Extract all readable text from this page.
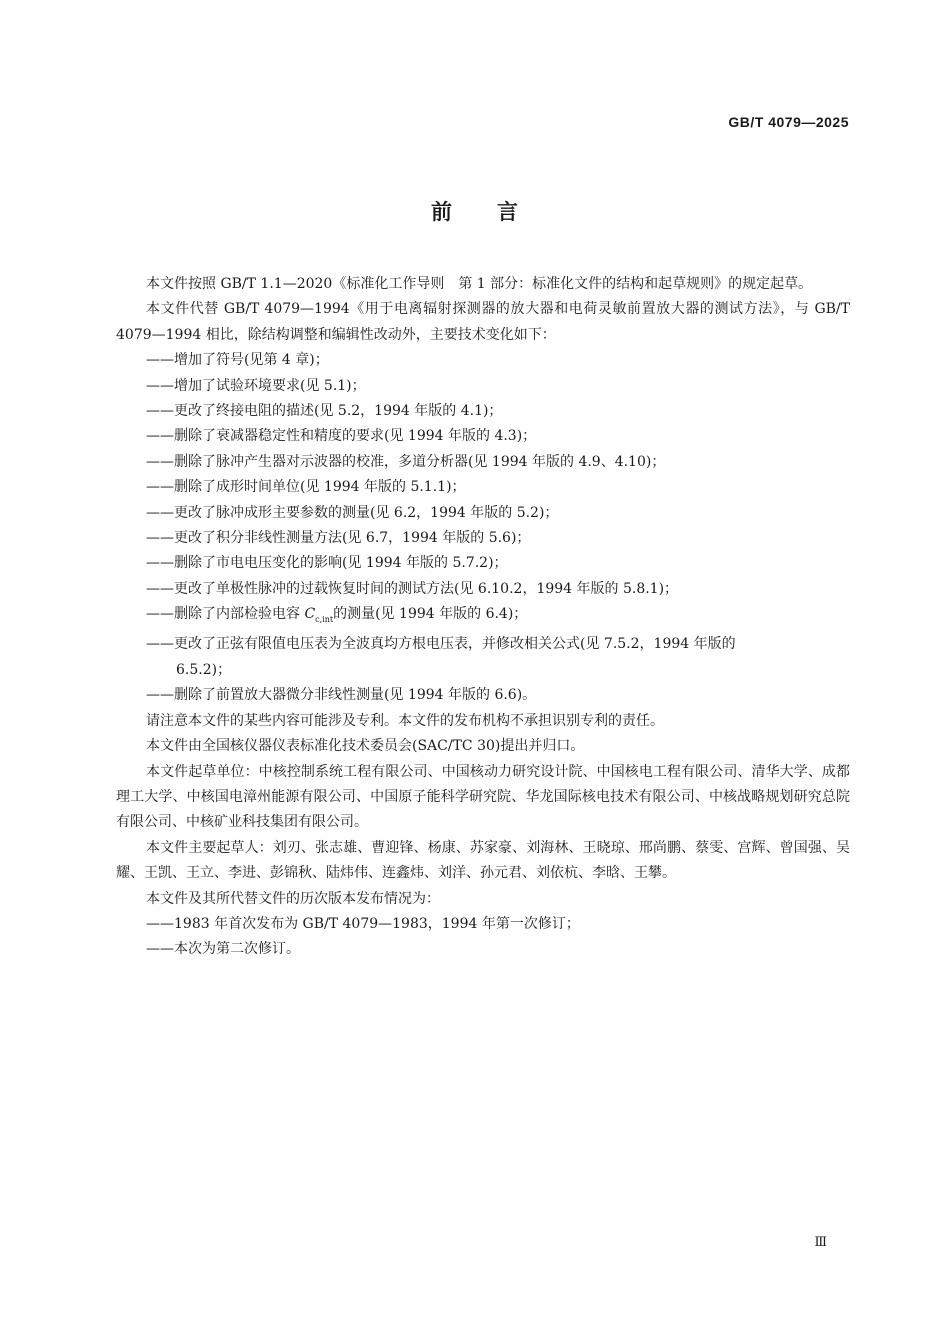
GB/T 4079—2025
前 言

本文件按照 GB/T 1.1—2020《标准化工作导则　第 1 部分：标准化文件的结构和起草规则》的规定起草。

本文件代替 GB/T 4079—1994《用于电离辐射探测器的放大器和电荷灵敏前置放大器的测试方法》，与 GB/T 4079—1994 相比，除结构调整和编辑性改动外，主要技术变化如下：

——增加了符号(见第 4 章)；

——增加了试验环境要求(见 5.1)；

——更改了终接电阻的描述(见 5.2，1994 年版的 4.1)；

——删除了衰减器稳定性和精度的要求(见 1994 年版的 4.3)；

——删除了脉冲产生器对示波器的校准，多道分析器(见 1994 年版的 4.9、4.10)；

——删除了成形时间单位(见 1994 年版的 5.1.1)；

——更改了脉冲成形主要参数的测量(见 6.2，1994 年版的 5.2)；

——更改了积分非线性测量方法(见 6.7，1994 年版的 5.6)；

——删除了市电电压变化的影响(见 1994 年版的 5.7.2)；

——更改了单极性脉冲的过载恢复时间的测试方法(见 6.10.2，1994 年版的 5.8.1)；

——删除了内部检验电容 $C_{c,int}$的测量(见 1994 年版的 6.4)；

——更改了正弦有限值电压表为全波真均方根电压表，并修改相关公式(见 7.5.2，1994 年版的

6.5.2)；

——删除了前置放大器微分非线性测量(见 1994 年版的 6.6)。

请注意本文件的某些内容可能涉及专利。本文件的发布机构不承担识别专利的责任。

本文件由全国核仪器仪表标准化技术委员会(SAC/TC 30)提出并归口。

本文件起草单位：中核控制系统工程有限公司、中国核动力研究设计院、中国核电工程有限公司、清华大学、成都理工大学、中核国电漳州能源有限公司、中国原子能科学研究院、华龙国际核电技术有限公司、中核战略规划研究总院有限公司、中核矿业科技集团有限公司。

本文件主要起草人：刘刃、张志雄、曹迎锋、杨康、苏家豪、刘海林、王晓琼、邢尚鹏、蔡雯、宫辉、曾国强、吴耀、王凯、王立、李进、彭锦秋、陆炜伟、连鑫炜、刘洋、孙元君、刘依杭、李晗、王攀。

本文件及其所代替文件的历次版本发布情况为：

——1983 年首次发布为 GB/T 4079—1983，1994 年第一次修订；

——本次为第二次修订。

Ⅲ
